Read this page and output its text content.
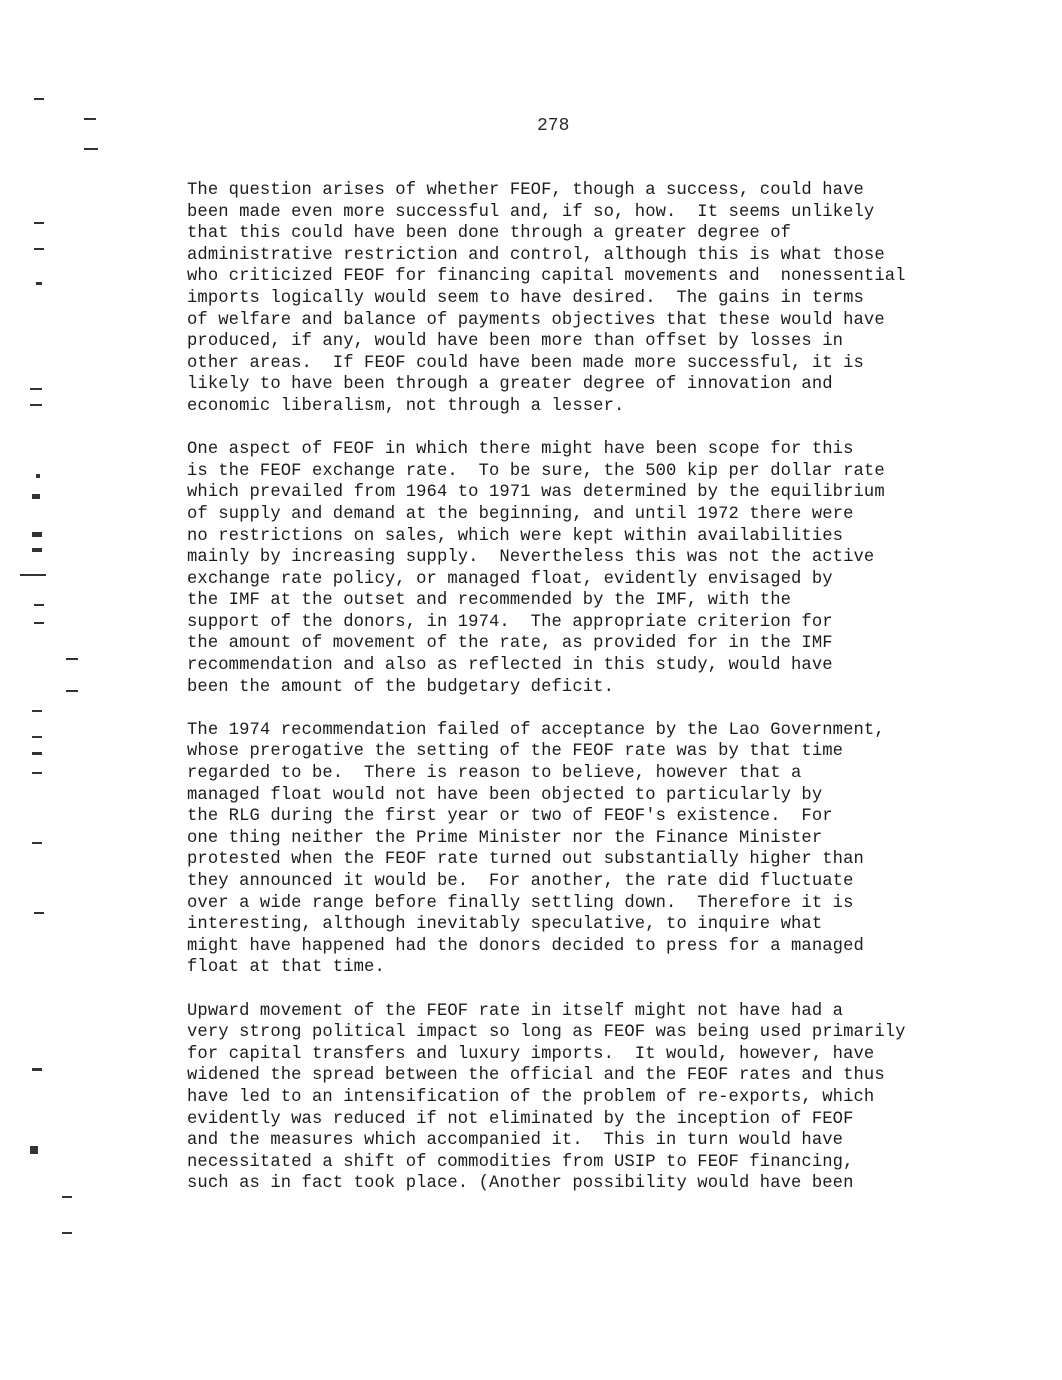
278

The question arises of whether FEOF, though a success, could have
been made even more successful and, if so, how.  It seems unlikely
that this could have been done through a greater degree of
administrative restriction and control, although this is what those
who criticized FEOF for financing capital movements and  nonessential
imports logically would seem to have desired.  The gains in terms
of welfare and balance of payments objectives that these would have
produced, if any, would have been more than offset by losses in
other areas.  If FEOF could have been made more successful, it is
likely to have been through a greater degree of innovation and
economic liberalism, not through a lesser.

One aspect of FEOF in which there might have been scope for this
is the FEOF exchange rate.  To be sure, the 500 kip per dollar rate
which prevailed from 1964 to 1971 was determined by the equilibrium
of supply and demand at the beginning, and until 1972 there were
no restrictions on sales, which were kept within availabilities
mainly by increasing supply.  Nevertheless this was not the active
exchange rate policy, or managed float, evidently envisaged by
the IMF at the outset and recommended by the IMF, with the
support of the donors, in 1974.  The appropriate criterion for
the amount of movement of the rate, as provided for in the IMF
recommendation and also as reflected in this study, would have
been the amount of the budgetary deficit.

The 1974 recommendation failed of acceptance by the Lao Government,
whose prerogative the setting of the FEOF rate was by that time
regarded to be.  There is reason to believe, however that a
managed float would not have been objected to particularly by
the RLG during the first year or two of FEOF's existence.  For
one thing neither the Prime Minister nor the Finance Minister
protested when the FEOF rate turned out substantially higher than
they announced it would be.  For another, the rate did fluctuate
over a wide range before finally settling down.  Therefore it is
interesting, although inevitably speculative, to inquire what
might have happened had the donors decided to press for a managed
float at that time.

Upward movement of the FEOF rate in itself might not have had a
very strong political impact so long as FEOF was being used primarily
for capital transfers and luxury imports.  It would, however, have
widened the spread between the official and the FEOF rates and thus
have led to an intensification of the problem of re-exports, which
evidently was reduced if not eliminated by the inception of FEOF
and the measures which accompanied it.  This in turn would have
necessitated a shift of commodities from USIP to FEOF financing,
such as in fact took place. (Another possibility would have been
